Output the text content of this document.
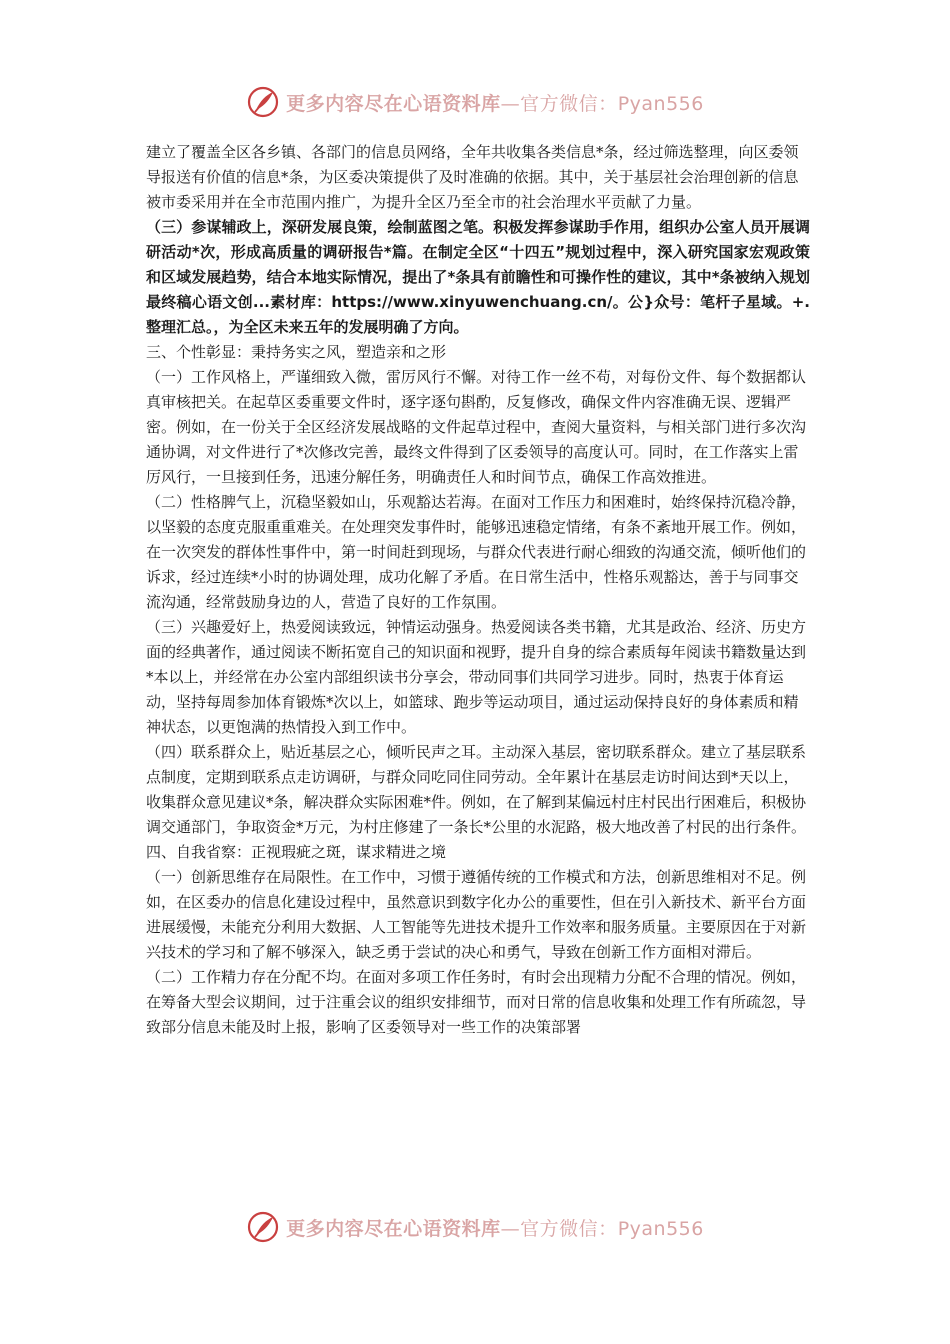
更多内容尽在心语资料库—官方微信：Pyan556

建立了覆盖全区各乡镇、各部门的信息员网络，全年共收集各类信息*条，经过筛选整理，向区委领导报送有价值的信息*条，为区委决策提供了及时准确的依据。其中，关于基层社会治理创新的信息被市委采用并在全市范围内推广，为提升全区乃至全市的社会治理水平贡献了力量。

（三）参谋辅政上，深研发展良策，绘制蓝图之笔。积极发挥参谋助手作用，组织办公室人员开展调研活动*次，形成高质量的调研报告*篇。在制定全区“十四五”规划过程中，深入研究国家宏观政策和区域发展趋势，结合本地实际情况，提出了*条具有前瞻性和可操作性的建议，其中*条被纳入规划最终稿心语文创...素材库：https://www.xinyuwenchuang.cn/。公}众号：笔杆子星域。+.整理汇总。，为全区未来五年的发展明确了方向。

三、个性彰显：秉持务实之风，塑造亲和之形

（一）工作风格上，严谨细致入微，雷厉风行不懈。对待工作一丝不苟，对每份文件、每个数据都认真审核把关。在起草区委重要文件时，逐字逐句斟酌，反复修改，确保文件内容准确无误、逻辑严密。例如，在一份关于全区经济发展战略的文件起草过程中，查阅大量资料，与相关部门进行多次沟通协调，对文件进行了*次修改完善，最终文件得到了区委领导的高度认可。同时，在工作落实上雷厉风行，一旦接到任务，迅速分解任务，明确责任人和时间节点，确保工作高效推进。

（二）性格脾气上，沉稳坚毅如山，乐观豁达若海。在面对工作压力和困难时，始终保持沉稳冷静，以坚毅的态度克服重重难关。在处理突发事件时，能够迅速稳定情绪，有条不紊地开展工作。例如，在一次突发的群体性事件中，第一时间赶到现场，与群众代表进行耐心细致的沟通交流，倾听他们的诉求，经过连续*小时的协调处理，成功化解了矛盾。在日常生活中，性格乐观豁达，善于与同事交流沟通，经常鼓励身边的人，营造了良好的工作氛围。

（三）兴趣爱好上，热爱阅读致远，钟情运动强身。热爱阅读各类书籍，尤其是政治、经济、历史方面的经典著作，通过阅读不断拓宽自己的知识面和视野，提升自身的综合素质每年阅读书籍数量达到*本以上，并经常在办公室内部组织读书分享会，带动同事们共同学习进步。同时，热衷于体育运动，坚持每周参加体育锻炼*次以上，如篮球、跑步等运动项目，通过运动保持良好的身体素质和精神状态，以更饱满的热情投入到工作中。

（四）联系群众上，贴近基层之心，倾听民声之耳。主动深入基层，密切联系群众。建立了基层联系点制度，定期到联系点走访调研，与群众同吃同住同劳动。全年累计在基层走访时间达到*天以上，收集群众意见建议*条，解决群众实际困难*件。例如，在了解到某偏远村庄村民出行困难后，积极协调交通部门，争取资金*万元，为村庄修建了一条长*公里的水泥路，极大地改善了村民的出行条件。

四、自我省察：正视瑕疵之斑，谋求精进之境

（一）创新思维存在局限性。在工作中，习惯于遵循传统的工作模式和方法，创新思维相对不足。例如，在区委办的信息化建设过程中，虽然意识到数字化办公的重要性，但在引入新技术、新平台方面进展缓慢，未能充分利用大数据、人工智能等先进技术提升工作效率和服务质量。主要原因在于对新兴技术的学习和了解不够深入，缺乏勇于尝试的决心和勇气，导致在创新工作方面相对滞后。

（二）工作精力存在分配不均。在面对多项工作任务时，有时会出现精力分配不合理的情况。例如，在筹备大型会议期间，过于注重会议的组织安排细节，而对日常的信息收集和处理工作有所疏忽，导致部分信息未能及时上报，影响了区委领导对一些工作的决策部署

更多内容尽在心语资料库—官方微信：Pyan556
